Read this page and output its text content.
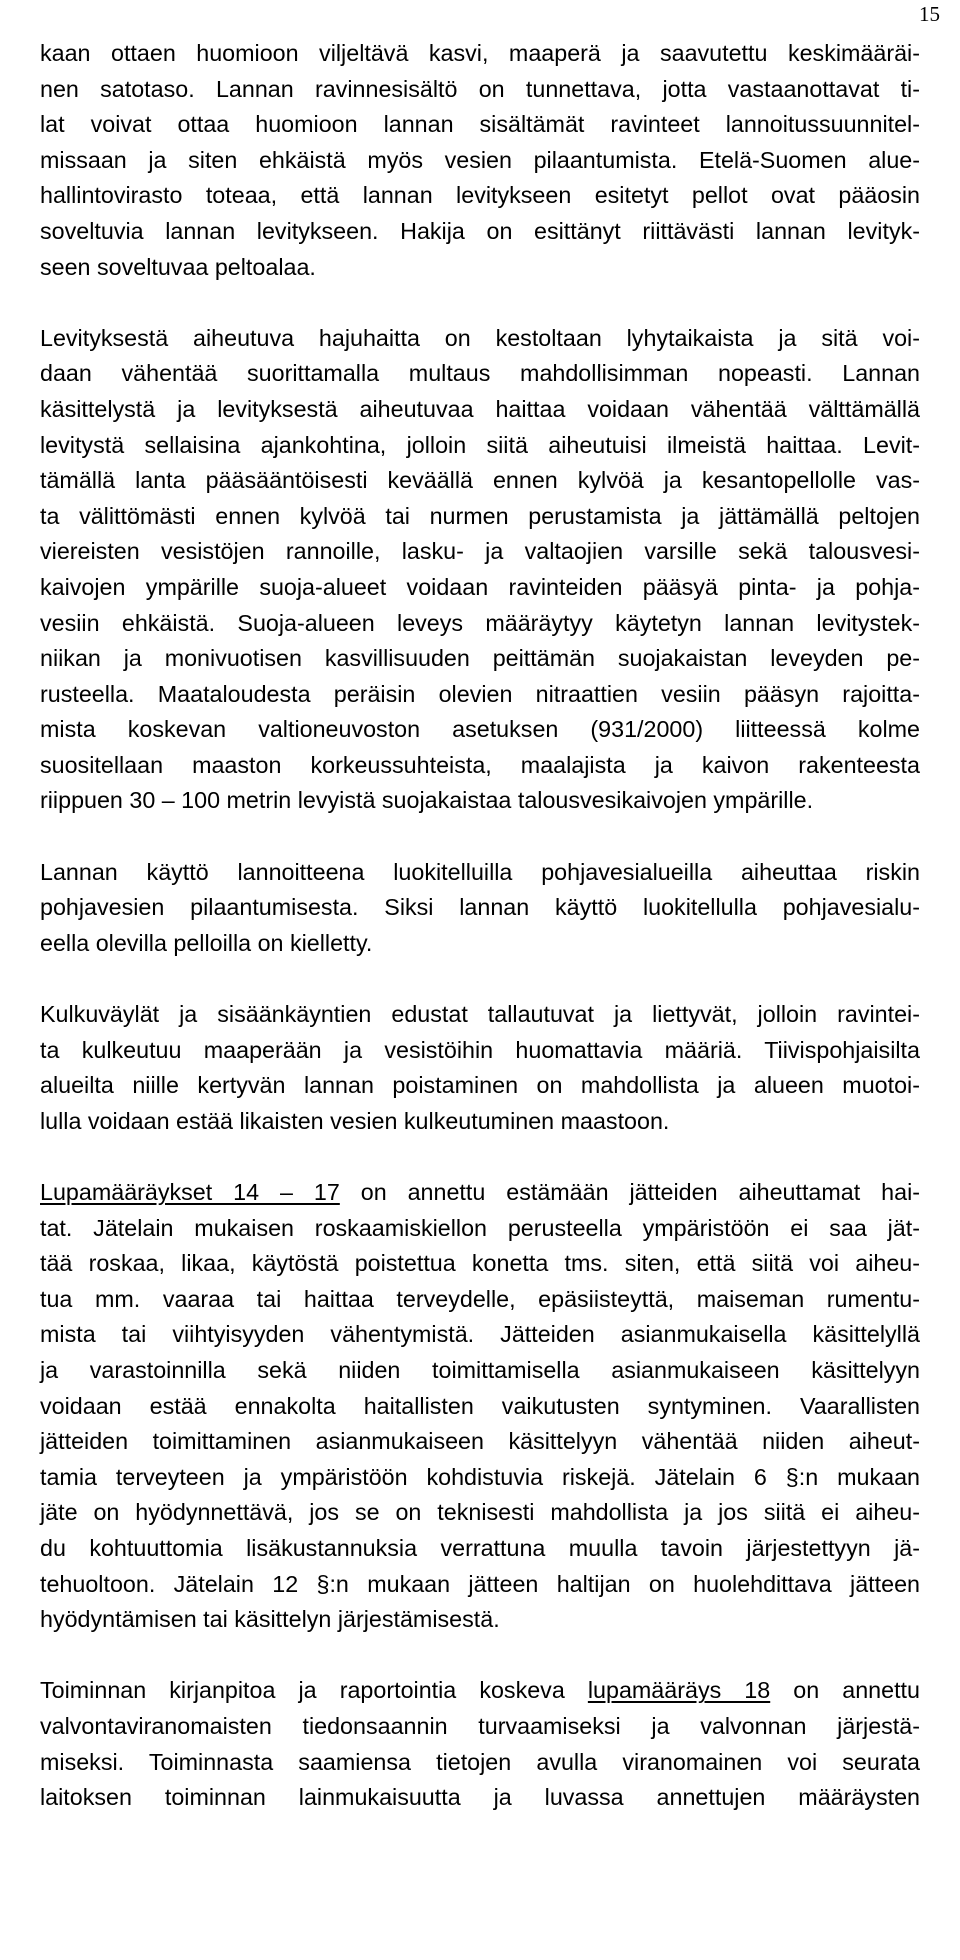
15
kaan ottaen huomioon viljeltävä kasvi, maaperä ja saavutettu keskimääräi-
nen satotaso. Lannan ravinnesisältö on tunnettava, jotta vastaanottavat ti-
lat voivat ottaa huomioon lannan sisältämät ravinteet lannoitussuunnitel-
missaan ja siten ehkäistä myös vesien pilaantumista. Etelä-Suomen alue-
hallintovirasto toteaa, että lannan levitykseen esitetyt pellot ovat pääosin
soveltuvia lannan levitykseen. Hakija on esittänyt riittävästi lannan levityk-
seen soveltuvaa peltoalaa.
Levityksestä aiheutuva hajuhaitta on kestoltaan lyhytaikaista ja sitä voi-
daan vähentää suorittamalla multaus mahdollisimman nopeasti. Lannan
käsittelystä ja levityksestä aiheutuvaa haittaa voidaan vähentää välttämällä
levitystä sellaisina ajankohtina, jolloin siitä aiheutuisi ilmeistä haittaa. Levit-
tämällä lanta pääsääntöisesti keväällä ennen kylvöä ja kesantopellolle vas-
ta välittömästi ennen kylvöä tai nurmen perustamista ja jättämällä peltojen
viereisten vesistöjen rannoille, lasku- ja valtaojien varsille sekä talousvesi-
kaivojen ympärille suoja-alueet voidaan ravinteiden pääsyä pinta- ja pohja-
vesiin ehkäistä. Suoja-alueen leveys määräytyy käytetyn lannan levitystek-
niikan ja monivuotisen kasvillisuuden peittämän suojakaistan leveyden pe-
rusteella. Maataloudesta peräisin olevien nitraattien vesiin pääsyn rajoitta-
mista koskevan valtioneuvoston asetuksen (931/2000) liitteessä kolme
suositellaan maaston korkeussuhteista, maalajista ja kaivon rakenteesta
riippuen 30 – 100 metrin levyistä suojakaistaa talousvesikaivojen ympärille.
Lannan käyttö lannoitteena luokitelluilla pohjavesialueilla aiheuttaa riskin
pohjavesien pilaantumisesta. Siksi lannan käyttö luokitellulla pohjavesialu-
eella olevilla pelloilla on kielletty.
Kulkuväylät ja sisäänkäyntien edustat tallautuvat ja liettyvät, jolloin ravintei-
ta kulkeutuu maaperään ja vesistöihin huomattavia määriä. Tiivispohjaisilta
alueilta niille kertyvän lannan poistaminen on mahdollista ja alueen muotoi-
lulla voidaan estää likaisten vesien kulkeutuminen maastoon.
Lupamääräykset 14 – 17 on annettu estämään jätteiden aiheuttamat hai-
tat. Jätelain mukaisen roskaamiskiellon perusteella ympäristöön ei saa jät-
tää roskaa, likaa, käytöstä poistettua konetta tms. siten, että siitä voi aiheu-
tua mm. vaaraa tai haittaa terveydelle, epäsiisteyttä, maiseman rumentu-
mista tai viihtyisyyden vähentymistä. Jätteiden asianmukaisella käsittelyllä
ja varastoinnilla sekä niiden toimittamisella asianmukaiseen käsittelyyn
voidaan estää ennakolta haitallisten vaikutusten syntyminen. Vaarallisten
jätteiden toimittaminen asianmukaiseen käsittelyyn vähentää niiden aiheut-
tamia terveyteen ja ympäristöön kohdistuvia riskejä. Jätelain 6 §:n mukaan
jäte on hyödynnettävä, jos se on teknisesti mahdollista ja jos siitä ei aiheu-
du kohtuuttomia lisäkustannuksia verrattuna muulla tavoin järjestettyyn jä-
tehuoltoon. Jätelain 12 §:n mukaan jätteen haltijan on huolehdittava jätteen
hyödyntämisen tai käsittelyn järjestämisestä.
Toiminnan kirjanpitoa ja raportointia koskeva lupamääräys 18 on annettu
valvontaviranomaisten tiedonsaannin turvaamiseksi ja valvonnan järjestä-
miseksi. Toiminnasta saamiensa tietojen avulla viranomainen voi seurata
laitoksen toiminnan lainmukaisuutta ja luvassa annettujen määräysten
